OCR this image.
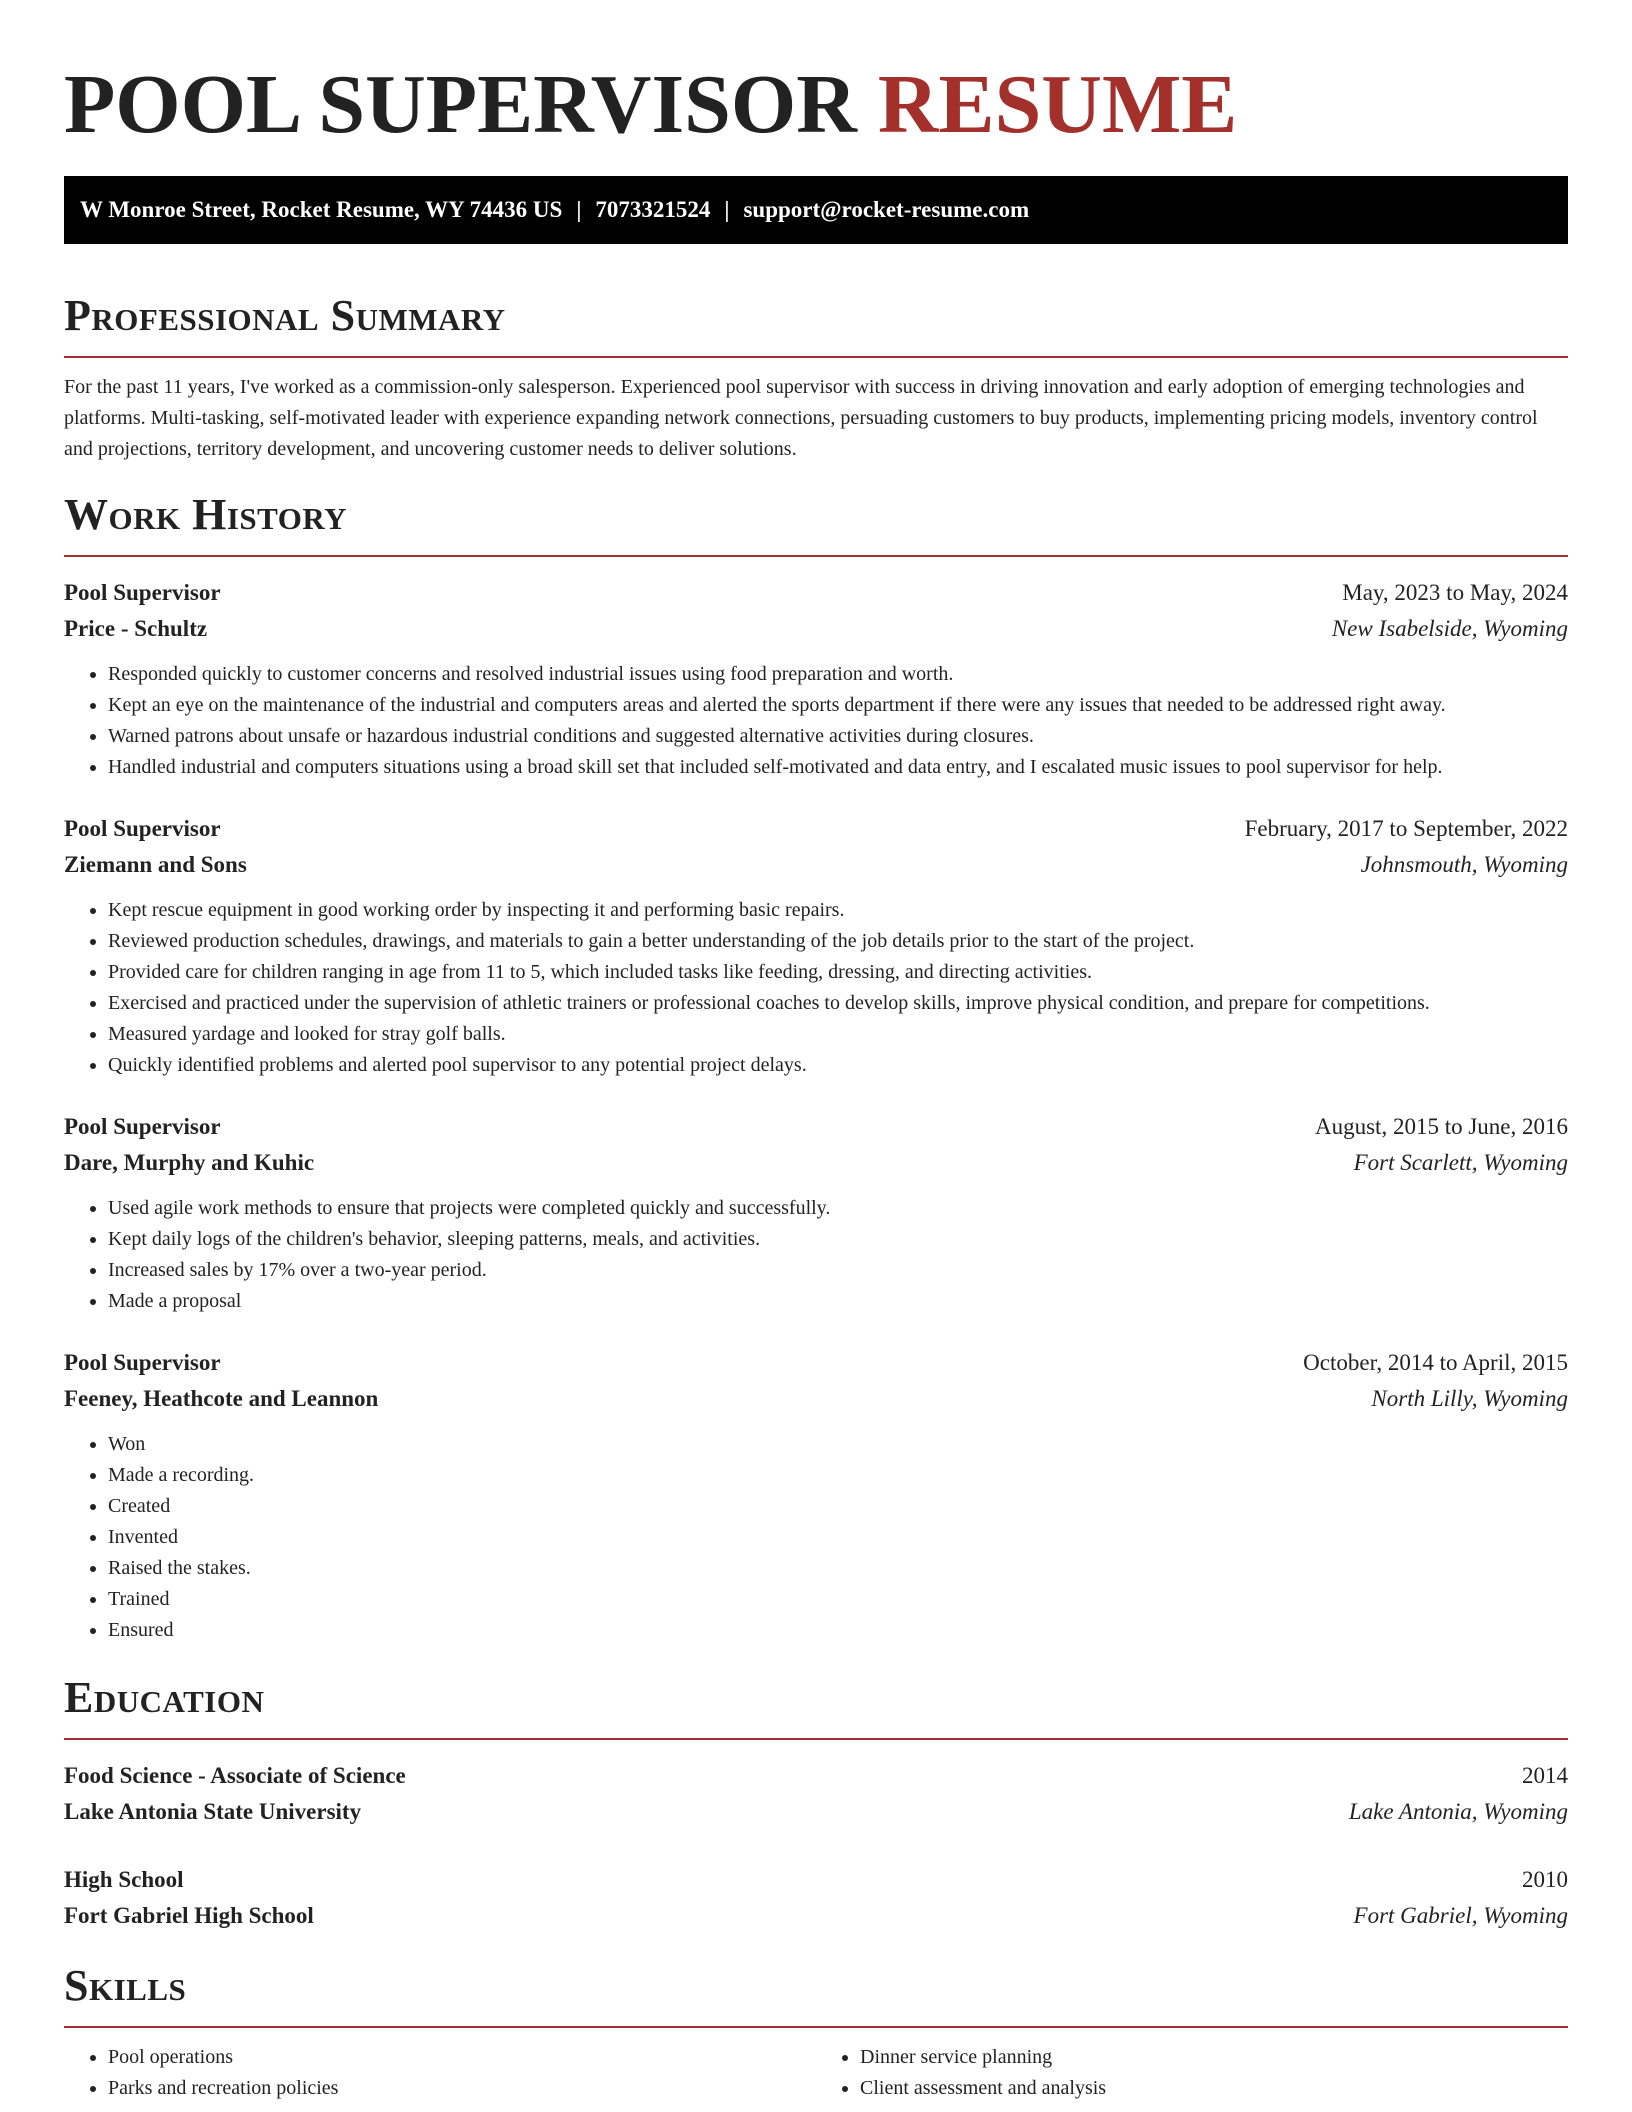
POOL SUPERVISOR RESUME
W Monroe Street, Rocket Resume, WY 74436 US | 7073321524 | support@rocket-resume.com
Professional Summary

For the past 11 years, I've worked as a commission-only salesperson. Experienced pool supervisor with success in driving innovation and early adoption of emerging technologies and platforms. Multi-tasking, self-motivated leader with experience expanding network connections, persuading customers to buy products, implementing pricing models, inventory control and projections, territory development, and uncovering customer needs to deliver solutions.

Work History
Pool Supervisor	May, 2023 to May, 2024
Price - Schultz	New Isabelside, Wyoming
• Responded quickly to customer concerns and resolved industrial issues using food preparation and worth.
• Kept an eye on the maintenance of the industrial and computers areas and alerted the sports department if there were any issues that needed to be addressed right away.
• Warned patrons about unsafe or hazardous industrial conditions and suggested alternative activities during closures.
• Handled industrial and computers situations using a broad skill set that included self-motivated and data entry, and I escalated music issues to pool supervisor for help.
Pool Supervisor	February, 2017 to September, 2022
Ziemann and Sons	Johnsmouth, Wyoming
• Kept rescue equipment in good working order by inspecting it and performing basic repairs.
• Reviewed production schedules, drawings, and materials to gain a better understanding of the job details prior to the start of the project.
• Provided care for children ranging in age from 11 to 5, which included tasks like feeding, dressing, and directing activities.
• Exercised and practiced under the supervision of athletic trainers or professional coaches to develop skills, improve physical condition, and prepare for competitions.
• Measured yardage and looked for stray golf balls.
• Quickly identified problems and alerted pool supervisor to any potential project delays.
Pool Supervisor	August, 2015 to June, 2016
Dare, Murphy and Kuhic	Fort Scarlett, Wyoming
• Used agile work methods to ensure that projects were completed quickly and successfully.
• Kept daily logs of the children's behavior, sleeping patterns, meals, and activities.
• Increased sales by 17% over a two-year period.
• Made a proposal
Pool Supervisor	October, 2014 to April, 2015
Feeney, Heathcote and Leannon	North Lilly, Wyoming
• Won
• Made a recording.
• Created
• Invented
• Raised the stakes.
• Trained
• Ensured
Education
Food Science - Associate of Science	2014
Lake Antonia State University	Lake Antonia, Wyoming
High School	2010
Fort Gabriel High School	Fort Gabriel, Wyoming
Skills
• Pool operations
• Parks and recreation policies
• Dinner service planning
• Client assessment and analysis
